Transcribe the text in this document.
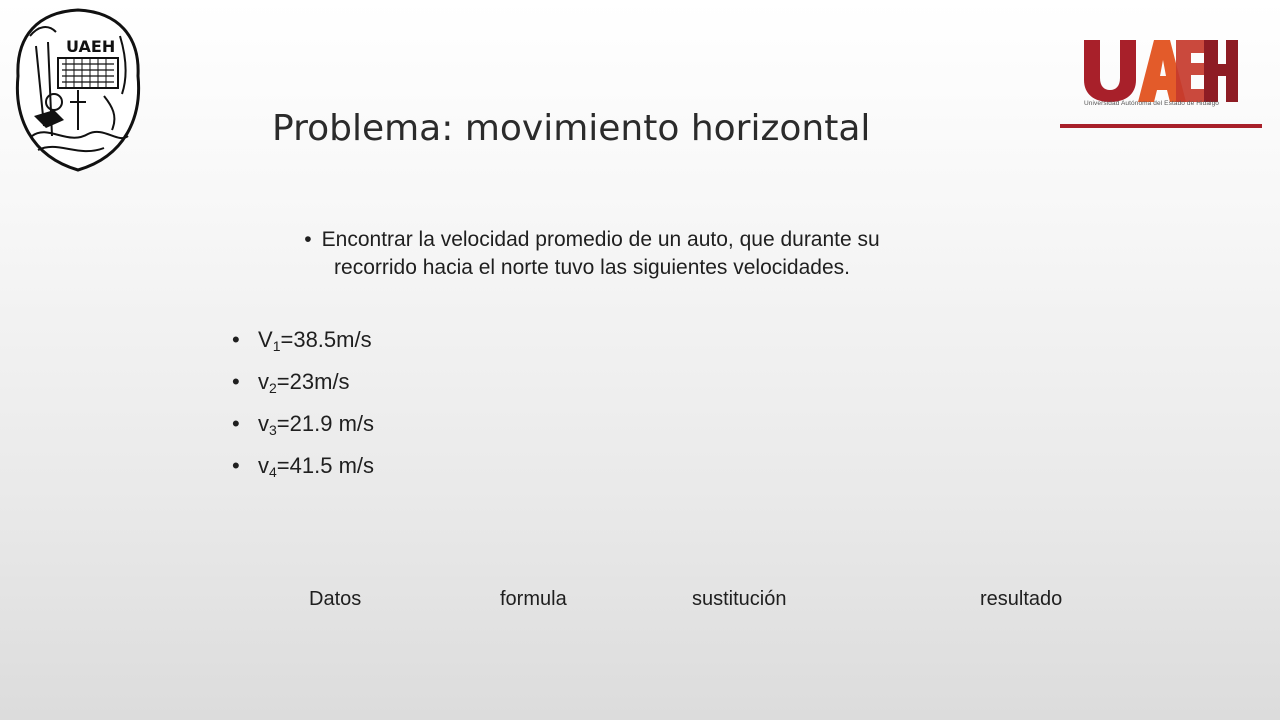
UAEH
Universidad Autónoma del Estado de Hidalgo
Problema: movimiento horizontal
• Encontrar la velocidad promedio de un auto, que durante su recorrido hacia el norte tuvo las siguientes velocidades.
• $V_1=38.5m/s$
• $v_2=23m/s$
• $v_3=21.9$ m/s
• $v_4=41.5$ m/s
Datos	formula	sustitución	resultado
